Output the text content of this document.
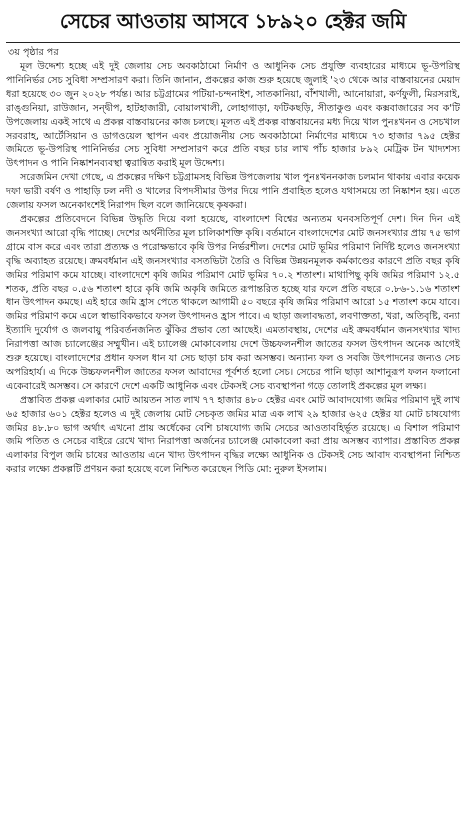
সেচের আওতায় আসবে ১৮৯২০ হেক্টর জমি
৩য় পৃষ্ঠার পর

মূল উদ্দেশ্য হচ্ছে এই দুই জেলায় সেচ অবকাঠামো নির্মাণ ও আধুনিক সেচ প্রযুক্তি ব্যবহারের মাধ্যমে ভূ-উপরিস্থ পানিনির্ভর সেচ সুবিধা সম্প্রসারণ করা। তিনি জানান, প্রকল্পের কাজ শুরু হয়েছে জুলাই '২৩ থেকে আর বাস্তবায়নের মেয়াদ ধরা হয়েছে ৩০ জুন ২০২৮ পর্যন্ত। আর চট্টগ্রামের পটিয়া-চন্দনাইশ, সাতকানিয়া, বাঁশখালী, আনোয়ারা, কর্ণফুলী, মিরসরাই, রাঙ্গুনিয়া, রাউজান, সন্দ্বীপ, হাটহাজারী, বোয়ালখালী, লোহাগাড়া, ফটিকছড়ি, সীতাকুণ্ড এবং কক্সবাজারের সব ক'টি উপজেলায় একই সাথে এ প্রকল্প বাস্তবায়নের কাজ চলছে। মূলত এই প্রকল্প বাস্তবায়নের মধ্য দিয়ে খাল পুনঃখনন ও সেচখাল সরবরাহ, আর্টেসিয়ান ও ডাগওয়েল স্থাপন এবং প্রয়োজনীয় সেচ অবকাঠামো নির্মাণের মাধ্যমে ৭৩ হাজার ৭৯৫ হেক্টর জমিতে ভূ-উপরিস্থ পানিনির্ভর সেচ সুবিধা সম্প্রসারণ করে প্রতি বছর চার লাখ পাঁচ হাজার ৮৯২ মেট্রিক টন খাদ্যশস্য উৎপাদন ও পানি নিষ্কাশনব্যবস্থা ত্বরান্বিত করাই মূল উদ্দেশ্য।

সরেজমিন দেখা গেছে, এ প্রকল্পের দক্ষিণ চট্টগ্রামসহ বিভিন্ন উপজেলায় খাল পুনঃখননকাজ চলমান থাকায় এবার কয়েক দফা ভারী বর্ষণ ও পাহাড়ি ঢল নদী ও খালের বিপদসীমার উপর দিয়ে পানি প্রবাহিত হলেও যথাসময়ে তা নিষ্কাশন হয়। এতে জেলায় ফসল অনেকাংশেই নিরাপদ ছিল বলে জানিয়েছে কৃষকরা।

প্রকল্পের প্রতিবেদনে বিভিন্ন উদ্ধৃতি দিয়ে বলা হয়েছে, বাংলাদেশ বিশ্বের অন্যতম ঘনবসতিপূর্ণ দেশ। দিন দিন এই জনসংখ্যা আরো বৃদ্ধি পাচ্ছে। দেশের অর্থনীতির মূল চালিকাশক্তি কৃষি। বর্তমানে বাংলাদেশের মোট জনসংখ্যার প্রায় ৭৫ ভাগ গ্রামে বাস করে এবং তারা প্রত্যক্ষ ও পরোক্ষভাবে কৃষি উপর নির্ভরশীল। দেশের মোট ভূমির পরিমাণ নির্দিষ্ট হলেও জনসংখ্যা বৃদ্ধি অব্যাহত রয়েছে। ক্রমবর্ধমান এই জনসংখ্যার বসতভিটা তৈরি ও বিভিন্ন উন্নয়নমূলক কর্মকাণ্ডের কারণে প্রতি বছর কৃষি জমির পরিমাণ কমে যাচ্ছে। বাংলাদেশে কৃষি জমির পরিমাণ মোট ভূমির ৭০.২ শতাংশ। মাথাপিছু কৃষি জমির পরিমাণ ১২.৫ শতক, প্রতি বছর ০.৫৬ শতাংশ হারে কৃষি জমি অকৃষি জমিতে রূপান্তরিত হচ্ছে যার ফলে প্রতি বছরে ০.৮৬-১.১৬ শতাংশ ধান উৎপাদন কমছে। এই হারে জমি হ্রাস পেতে থাকলে আগামী ৫০ বছরে কৃষি জমির পরিমাণ আরো ১৫ শতাংশ কমে যাবে। জমির পরিমাণ কমে এলে স্বাভাবিকভাবে ফসল উৎপাদনও হ্রাস পাবে। এ ছাড়া জলাবদ্ধতা, লবণাক্ততা, খরা, অতিবৃষ্টি, বন্যা ইত্যাদি দুর্যোগ ও জলবায়ু পরিবর্তনজনিত ঝুঁকির প্রভাব তো আছেই। এমতাবস্থায়, দেশের এই ক্রমবর্ধমান জনসংখ্যার খাদ্য নিরাপত্তা আজ চ্যালেঞ্জের সম্মুখীন। এই চ্যালেঞ্জ মোকাবেলায় দেশে উচ্চফলনশীল জাতের ফসল উৎপাদন অনেক আগেই শুরু হয়েছে। বাংলাদেশের প্রধান ফসল ধান যা সেচ ছাড়া চাষ করা অসম্ভব। অন্যান্য ফল ও সবজি উৎপাদনের জন্যও সেচ অপরিহার্য। এ দিকে উচ্চফলনশীল জাতের ফসল আবাদের পূর্বশর্ত হলো সেচ। সেচের পানি ছাড়া আশানুরূপ ফলন ফলানো একেবারেই অসম্ভব। সে কারণে দেশে একটি আধুনিক এবং টেকসই সেচ ব্যবস্থাপনা গড়ে তোলাই প্রকল্পের মূল লক্ষ্য।

প্রস্তাবিত প্রকল্প এলাকার মোট আয়তন সাত লাখ ৭৭ হাজার ৪৮০ হেক্টর এবং মোট আবাদযোগ্য জমির পরিমাণ দুই লাখ ৬৫ হাজার ৬০১ হেক্টর হলেও এ দুই জেলায় মোট সেচকৃত জমির মাত্র এক লাখ ২৯ হাজার ৬২৫ হেক্টর যা মোট চাষযোগ্য জমির ৪৮.৮০ ভাগ অর্থাৎ এখনো প্রায় অর্ধেকের বেশি চাষযোগ্য জমি সেচের আওতাবহির্ভূত রয়েছে। এ বিশাল পরিমাণ জমি পতিত ও সেচের বাইরে রেখে খাদ্য নিরাপত্তা অর্জনের চ্যালেঞ্জ মোকাবেলা করা প্রায় অসম্ভব ব্যাপার। প্রস্তাবিত প্রকল্প এলাকার বিপুল জমি চাষের আওতায় এনে খাদ্য উৎপাদন বৃদ্ধির লক্ষ্যে আধুনিক ও টেকসই সেচ আবাদ ব্যবস্থাপনা নিশ্চিত করার লক্ষ্যে প্রকল্পটি প্রণয়ন করা হয়েছে বলে নিশ্চিত করেছেন পিডি মো: নুরুল ইসলাম।
